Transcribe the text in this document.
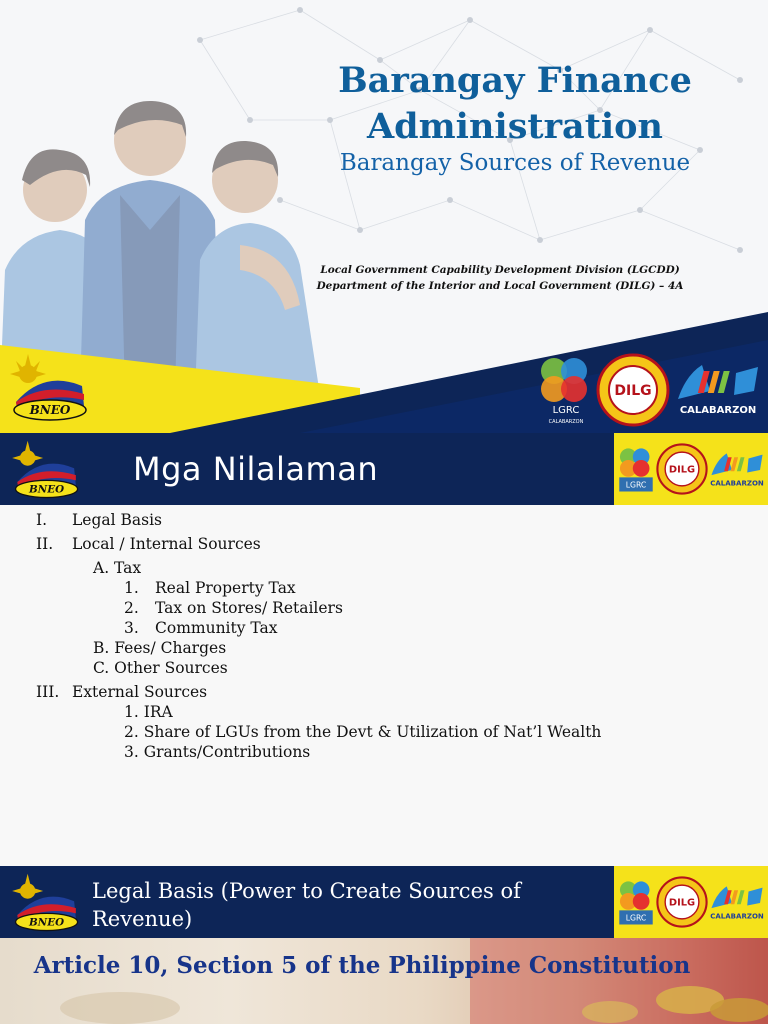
Barangay Finance
Administration
Barangay Sources of Revenue
Local Government Capability Development Division (LGCDD)
Department of the Interior and Local Government (DILG) – 4A
BNEO	LGRC
CALABARZON
DILG
CALABARZON
BNEO
Mga Nilalaman	LGRC
DILG
CALABARZON
I. Legal Basis
II. Local / Internal Sources
A. Tax
1. Real Property Tax
2. Tax on Stores/ Retailers
3. Community Tax
B. Fees/ Charges
C. Other Sources
III. External Sources
1. IRA
2. Share of LGUs from the Devt & Utilization of Nat’l Wealth
3. Grants/Contributions
BNEO
Legal Basis (Power to Create Sources of
Revenue)	LGRC
DILG
CALABARZON
Article 10, Section 5 of the Philippine Constitution
